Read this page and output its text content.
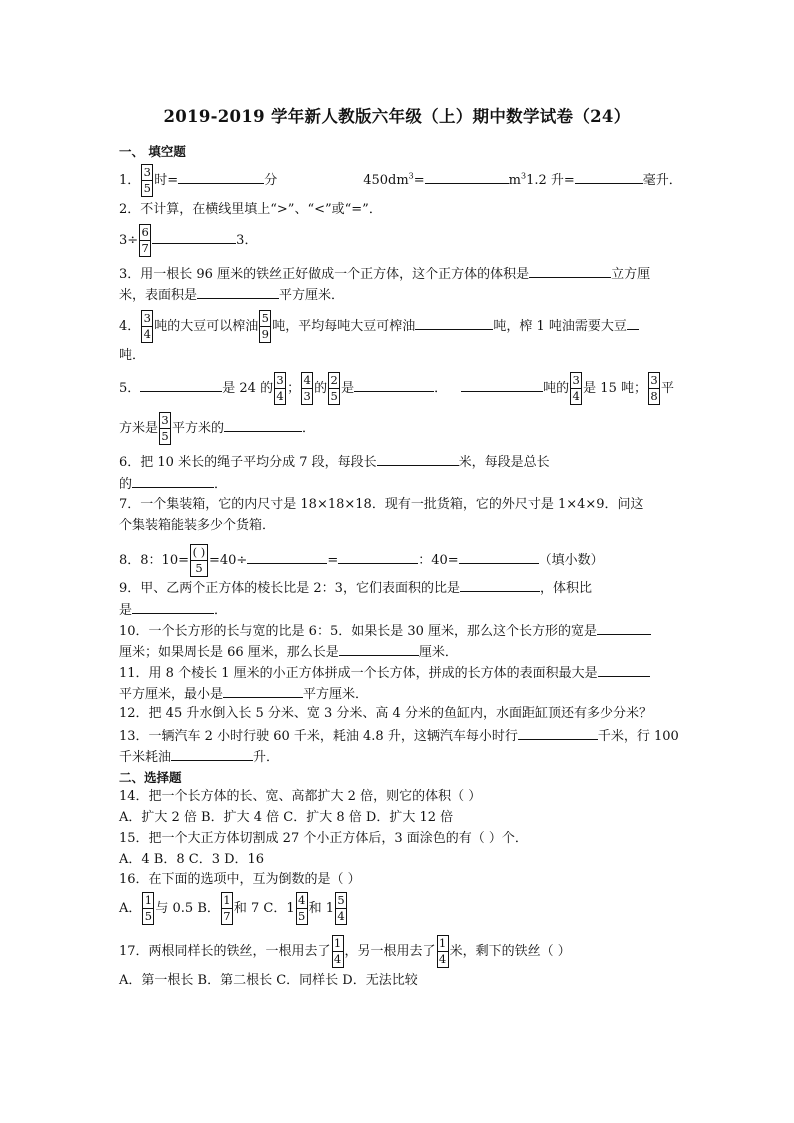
2019-2019 学年新人教版六年级（上）期中数学试卷（24）
一、 填空题
1． $\frac{3}{5}$ 时=	分	$450dm^3=$	$m^31.2$ 升=	毫升．
2．不计算，在横线里填上“>”、“<”或“=”．
$3\div \frac{6}{7}$	3．
3．用一根长 96 厘米的铁丝正好做成一个正方体，这个正方体的体积是	立方厘
米，表面积是	平方厘米．
4． $\frac{3}{4}$ 吨的大豆可以榨油 $\frac{5}{9}$ 吨，平均每吨大豆可榨油	吨，榨 1 吨油需要大豆
吨．
5．	是 24 的 $\frac{3}{4}$ ； $\frac{4}{3}$ 的 $\frac{2}{5}$ 是	．	吨的 $\frac{3}{4}$ 是 15 吨； $\frac{3}{8}$ 平
方米是 $\frac{3}{5}$ 平方米的	．
6．把 10 米长的绳子平均分成 7 段，每段长	米，每段是总长
的	．
7．一个集装箱，它的内尺寸是 18×18×18．现有一批货箱，它的外尺寸是 1×4×9．问这
个集装箱能装多少个货箱．
8．8：$10= \frac{( )}{5} =40\div$	=	：40=	（填小数）
9．甲、乙两个正方体的棱长比是 2：3，它们表面积的比是	，体积比
是	．
10．一个长方形的长与宽的比是 6：5．如果长是 30 厘米，那么这个长方形的宽是
厘米；如果周长是 66 厘米，那么长是	厘米．
11．用 8 个棱长 1 厘米的小正方体拼成一个长方体，拼成的长方体的表面积最大是
平方厘米，最小是	平方厘米．
12．把 45 升水倒入长 5 分米、宽 3 分米、高 4 分米的鱼缸内，水面距缸顶还有多少分米？
13．一辆汽车 2 小时行驶 60 千米，耗油 4.8 升，这辆汽车每小时行	千米，行 100
千米耗油	升．
二、选择题
14．把一个长方体的长、宽、高都扩大 2 倍，则它的体积（ ）
A．扩大 2 倍 B．扩大 4 倍 C．扩大 8 倍 D．扩大 12 倍
15．把一个大正方体切割成 27 个小正方体后，3 面涂色的有（ ）个．
A．4 B．8 C．3 D．16
16．在下面的选项中，互为倒数的是（ ）
A． $\frac{1}{5}$ 与 0.5 B． $\frac{1}{7}$ 和 7 C．$1 \frac{4}{5}$ 和 $1 \frac{5}{4}$
17．两根同样长的铁丝，一根用去了 $\frac{1}{4}$ ，另一根用去了 $\frac{1}{4}$ 米，剩下的铁丝（ ）
A．第一根长 B．第二根长 C．同样长 D．无法比较
